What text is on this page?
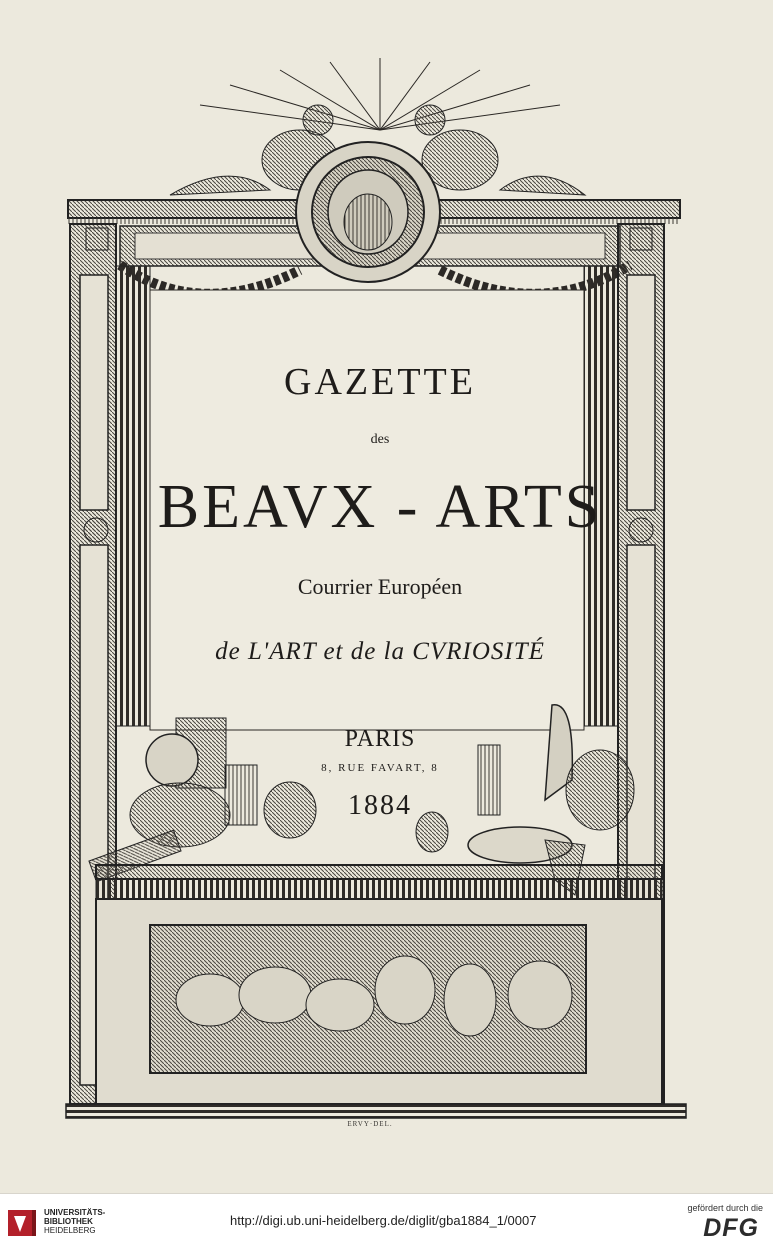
GAZETTE

des

BEAVX - ARTS

Courrier Européen

de L'ART et de la CVRIOSITÉ

PARIS

8, RUE FAVART, 8

1884

ERVY·DEL.

UNIVERSITÄTS-
BIBLIOTHEK
HEIDELBERG
http://digi.ub.uni-heidelberg.de/diglit/gba1884_1/0007
gefördert durch die
DFG
